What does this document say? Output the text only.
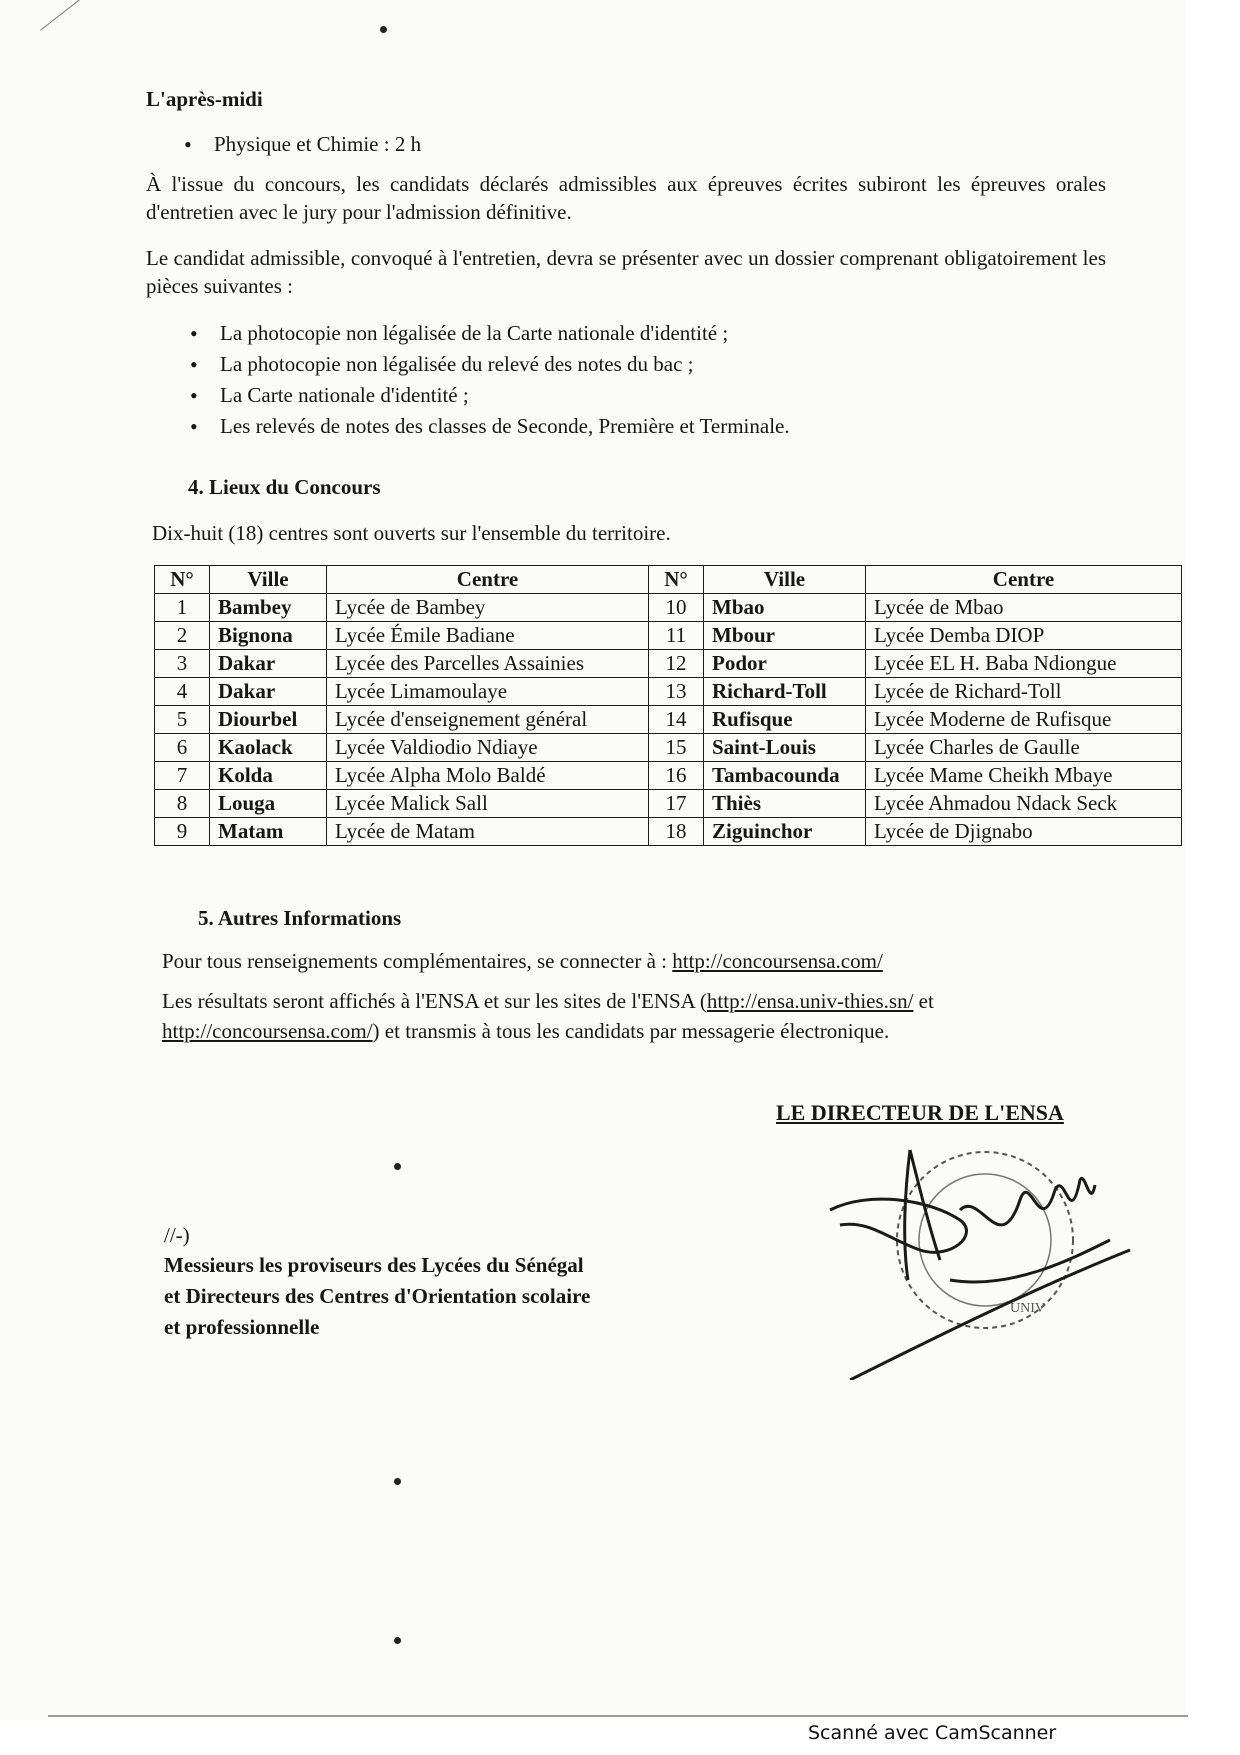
L'après-midi
• Physique et Chimie : 2 h
À l'issue du concours, les candidats déclarés admissibles aux épreuves écrites subiront les épreuves orales d'entretien avec le jury pour l'admission définitive.
Le candidat admissible, convoqué à l'entretien, devra se présenter avec un dossier comprenant obligatoirement les pièces suivantes :
• La photocopie non légalisée de la Carte nationale d'identité ;
• La photocopie non légalisée du relevé des notes du bac ;
• La Carte nationale d'identité ;
• Les relevés de notes des classes de Seconde, Première et Terminale.
4. Lieux du Concours
Dix-huit (18) centres sont ouverts sur l'ensemble du territoire.
N°	Ville	Centre	N°	Ville	Centre
1	Bambey	Lycée de Bambey	10	Mbao	Lycée de Mbao
2	Bignona	Lycée Émile Badiane	11	Mbour	Lycée Demba DIOP
3	Dakar	Lycée des Parcelles Assainies	12	Podor	Lycée EL H. Baba Ndiongue
4	Dakar	Lycée Limamoulaye	13	Richard-Toll	Lycée de Richard-Toll
5	Diourbel	Lycée d'enseignement général	14	Rufisque	Lycée Moderne de Rufisque
6	Kaolack	Lycée Valdiodio Ndiaye	15	Saint-Louis	Lycée Charles de Gaulle
7	Kolda	Lycée Alpha Molo Baldé	16	Tambacounda	Lycée Mame Cheikh Mbaye
8	Louga	Lycée Malick Sall	17	Thiès	Lycée Ahmadou Ndack Seck
9	Matam	Lycée de Matam	18	Ziguinchor	Lycée de Djignabo
5. Autres Informations
Pour tous renseignements complémentaires, se connecter à : http://concoursensa.com/
Les résultats seront affichés à l'ENSA et sur les sites de l'ENSA (http://ensa.univ-thies.sn/ et
http://concoursensa.com/) et transmis à tous les candidats par messagerie électronique.
LE DIRECTEUR DE L'ENSA
UNIV
//-)
Messieurs les proviseurs des Lycées du Sénégal
et Directeurs des Centres d'Orientation scolaire
et professionnelle
Scanné avec CamScanner
